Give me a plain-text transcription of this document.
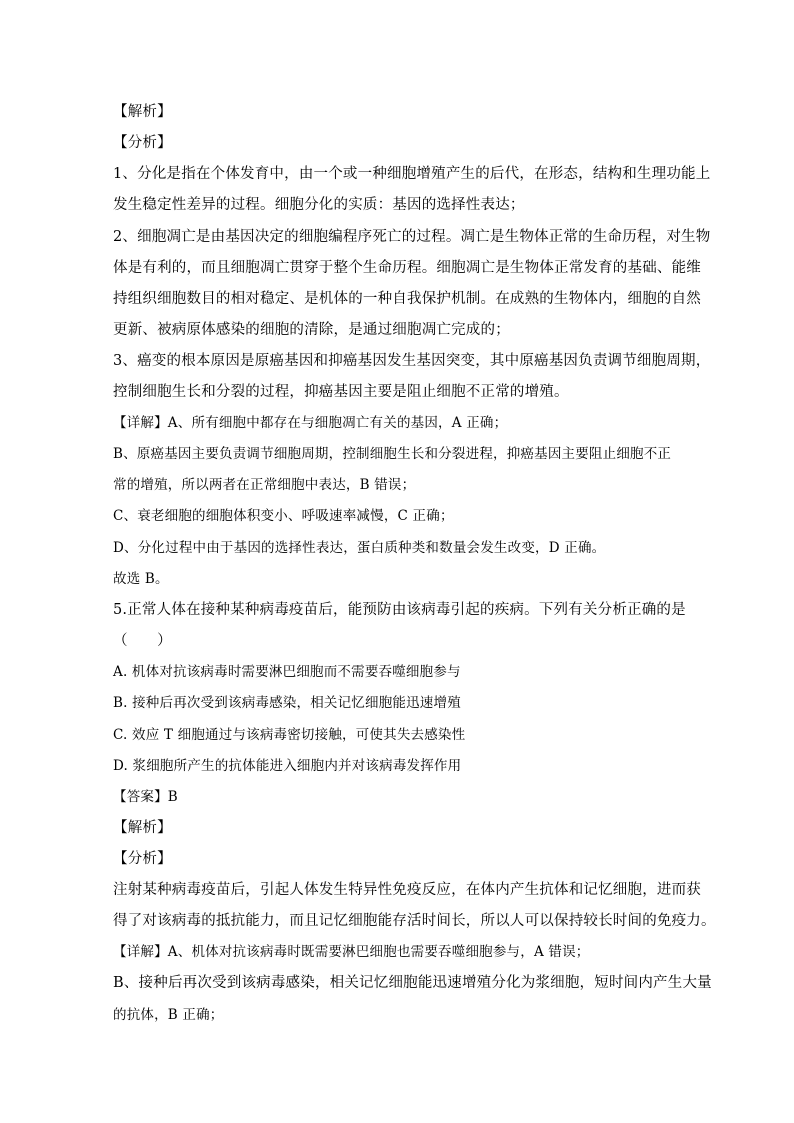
【解析】
【分析】
1、分化是指在个体发育中，由一个或一种细胞增殖产生的后代，在形态，结构和生理功能上
发生稳定性差异的过程。细胞分化的实质：基因的选择性表达；
2、细胞凋亡是由基因决定的细胞编程序死亡的过程。凋亡是生物体正常的生命历程，对生物
体是有利的，而且细胞凋亡贯穿于整个生命历程。细胞凋亡是生物体正常发育的基础、能维
持组织细胞数目的相对稳定、是机体的一种自我保护机制。在成熟的生物体内，细胞的自然
更新、被病原体感染的细胞的清除，是通过细胞凋亡完成的；
3、癌变的根本原因是原癌基因和抑癌基因发生基因突变，其中原癌基因负责调节细胞周期，
控制细胞生长和分裂的过程，抑癌基因主要是阻止细胞不正常的增殖。
【详解】A、所有细胞中都存在与细胞凋亡有关的基因，A 正确；
B、原癌基因主要负责调节细胞周期，控制细胞生长和分裂进程，抑癌基因主要阻止细胞不正
常的增殖，所以两者在正常细胞中表达，B 错误；
C、衰老细胞的细胞体积变小、呼吸速率减慢，C 正确；
D、分化过程中由于基因的选择性表达，蛋白质种类和数量会发生改变，D 正确。
故选 B。
5.正常人体在接种某种病毒疫苗后，能预防由该病毒引起的疾病。下列有关分析正确的是
（　　）
A. 机体对抗该病毒时需要淋巴细胞而不需要吞噬细胞参与
B. 接种后再次受到该病毒感染，相关记忆细胞能迅速增殖
C. 效应 T 细胞通过与该病毒密切接触，可使其失去感染性
D. 浆细胞所产生的抗体能进入细胞内并对该病毒发挥作用
【答案】B
【解析】
【分析】
注射某种病毒疫苗后，引起人体发生特异性免疫反应，在体内产生抗体和记忆细胞，进而获
得了对该病毒的抵抗能力，而且记忆细胞能存活时间长，所以人可以保持较长时间的免疫力。
【详解】A、机体对抗该病毒时既需要淋巴细胞也需要吞噬细胞参与，A 错误；
B、接种后再次受到该病毒感染，相关记忆细胞能迅速增殖分化为浆细胞，短时间内产生大量
的抗体，B 正确；
